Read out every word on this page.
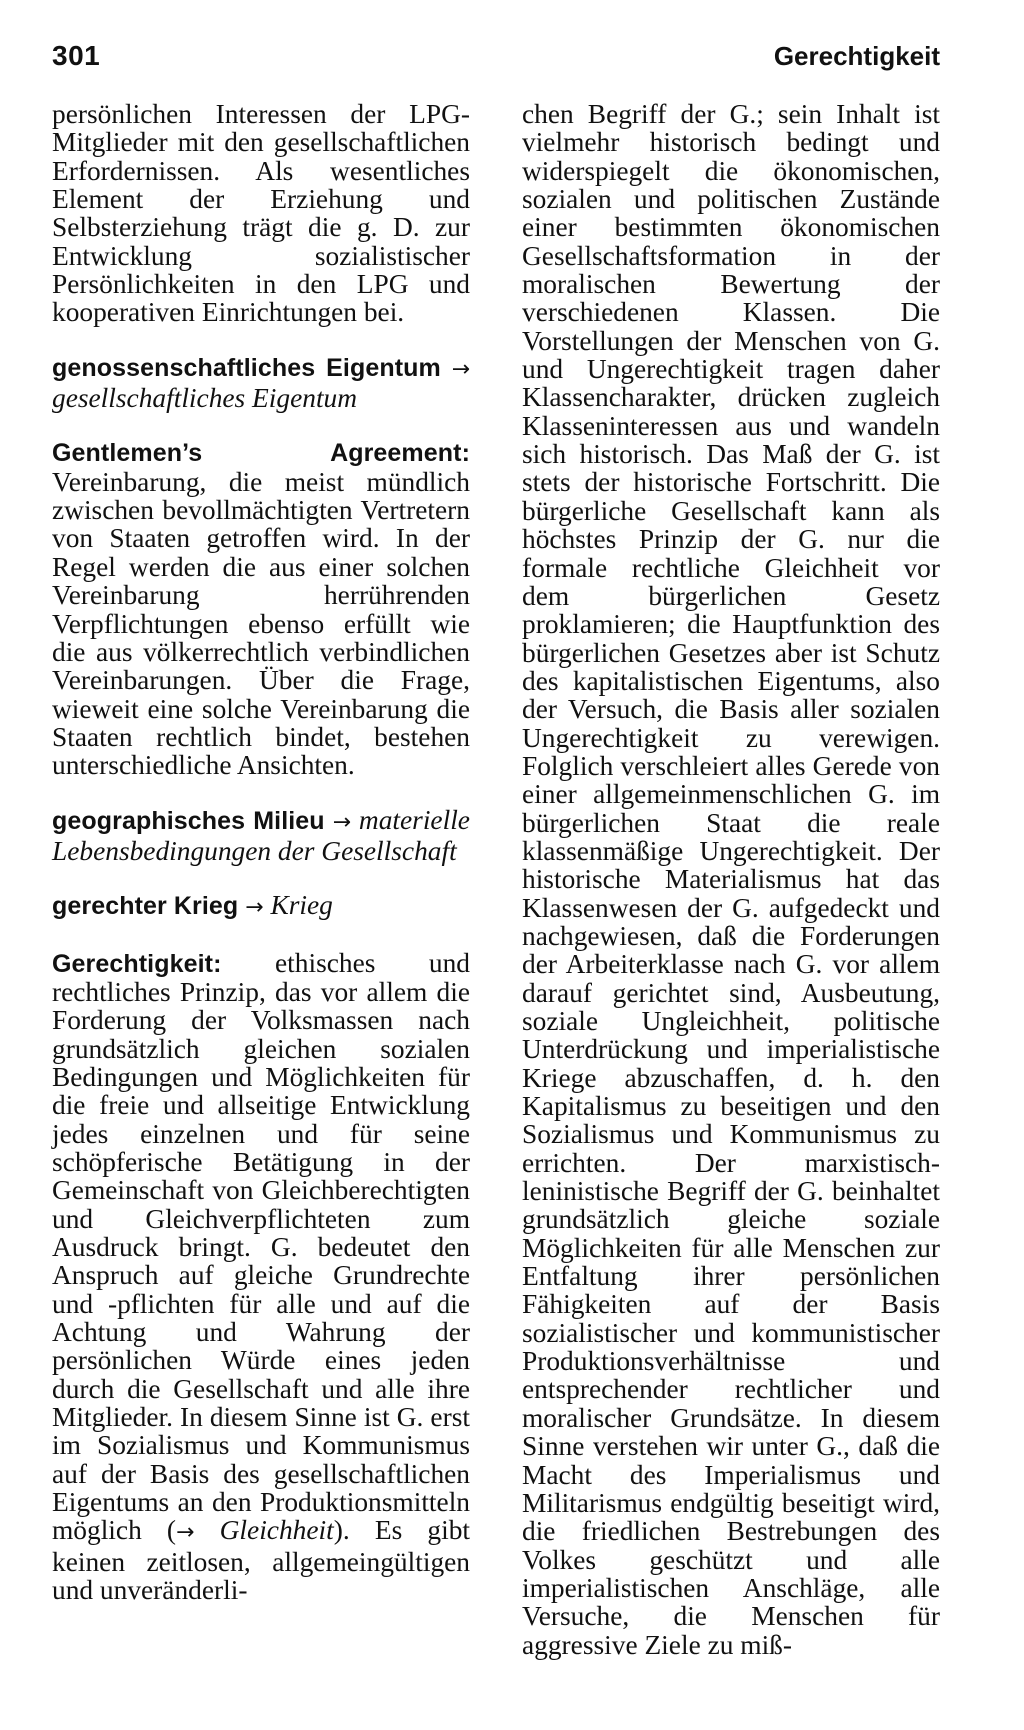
301	Gerechtigkeit

persönlichen Interessen der LPG-Mitglieder mit den gesellschaftlichen Erfordernissen. Als wesentliches Element der Erziehung und Selbsterziehung trägt die g. D. zur Entwicklung sozialistischer Persönlichkeiten in den LPG und kooperativen Einrichtungen bei.

genossenschaftliches Eigentum → gesellschaftliches Eigentum

Gentlemen’s Agreement: Vereinbarung, die meist mündlich zwischen bevollmächtigten Vertretern von Staaten getroffen wird. In der Regel werden die aus einer solchen Vereinbarung herrührenden Verpflichtungen ebenso erfüllt wie die aus völkerrechtlich verbindlichen Vereinbarungen. Über die Frage, wieweit eine solche Vereinbarung die Staaten rechtlich bindet, bestehen unterschiedliche Ansichten.

geographisches Milieu → materielle Lebensbedingungen der Gesellschaft

gerechter Krieg → Krieg

Gerechtigkeit: ethisches und rechtliches Prinzip, das vor allem die Forderung der Volksmassen nach grundsätzlich gleichen sozialen Bedingungen und Möglichkeiten für die freie und allseitige Entwicklung jedes einzelnen und für seine schöpferische Betätigung in der Gemeinschaft von Gleichberechtigten und Gleichverpflichteten zum Ausdruck bringt. G. bedeutet den Anspruch auf gleiche Grundrechte und -pflichten für alle und auf die Achtung und Wahrung der persönlichen Würde eines jeden durch die Gesellschaft und alle ihre Mitglieder. In diesem Sinne ist G. erst im Sozialismus und Kommunismus auf der Basis des gesellschaftlichen Eigentums an den Produktionsmitteln möglich (→ Gleichheit). Es gibt keinen zeitlosen, allgemeingültigen und unveränderli-

chen Begriff der G.; sein Inhalt ist vielmehr historisch bedingt und widerspiegelt die ökonomischen, sozialen und politischen Zustände einer bestimmten ökonomischen Gesellschaftsformation in der moralischen Bewertung der verschiedenen Klassen. Die Vorstellungen der Menschen von G. und Ungerechtigkeit tragen daher Klassencharakter, drücken zugleich Klasseninteressen aus und wandeln sich historisch. Das Maß der G. ist stets der historische Fortschritt. Die bürgerliche Gesellschaft kann als höchstes Prinzip der G. nur die formale rechtliche Gleichheit vor dem bürgerlichen Gesetz proklamieren; die Hauptfunktion des bürgerlichen Gesetzes aber ist Schutz des kapitalistischen Eigentums, also der Versuch, die Basis aller sozialen Ungerechtigkeit zu verewigen. Folglich verschleiert alles Gerede von einer allgemeinmenschlichen G. im bürgerlichen Staat die reale klassenmäßige Ungerechtigkeit. Der historische Materialismus hat das Klassenwesen der G. aufgedeckt und nachgewiesen, daß die Forderungen der Arbeiterklasse nach G. vor allem darauf gerichtet sind, Ausbeutung, soziale Ungleichheit, politische Unterdrückung und imperialistische Kriege abzuschaffen, d. h. den Kapitalismus zu beseitigen und den Sozialismus und Kommunismus zu errichten. Der marxistisch-leninistische Begriff der G. beinhaltet grundsätzlich gleiche soziale Möglichkeiten für alle Menschen zur Entfaltung ihrer persönlichen Fähigkeiten auf der Basis sozialistischer und kommunistischer Produktionsverhältnisse und entsprechender rechtlicher und moralischer Grundsätze. In diesem Sinne verstehen wir unter G., daß die Macht des Imperialismus und Militarismus endgültig beseitigt wird, die friedlichen Bestrebungen des Volkes geschützt und alle imperialistischen Anschläge, alle Versuche, die Menschen für aggressive Ziele zu miß-
